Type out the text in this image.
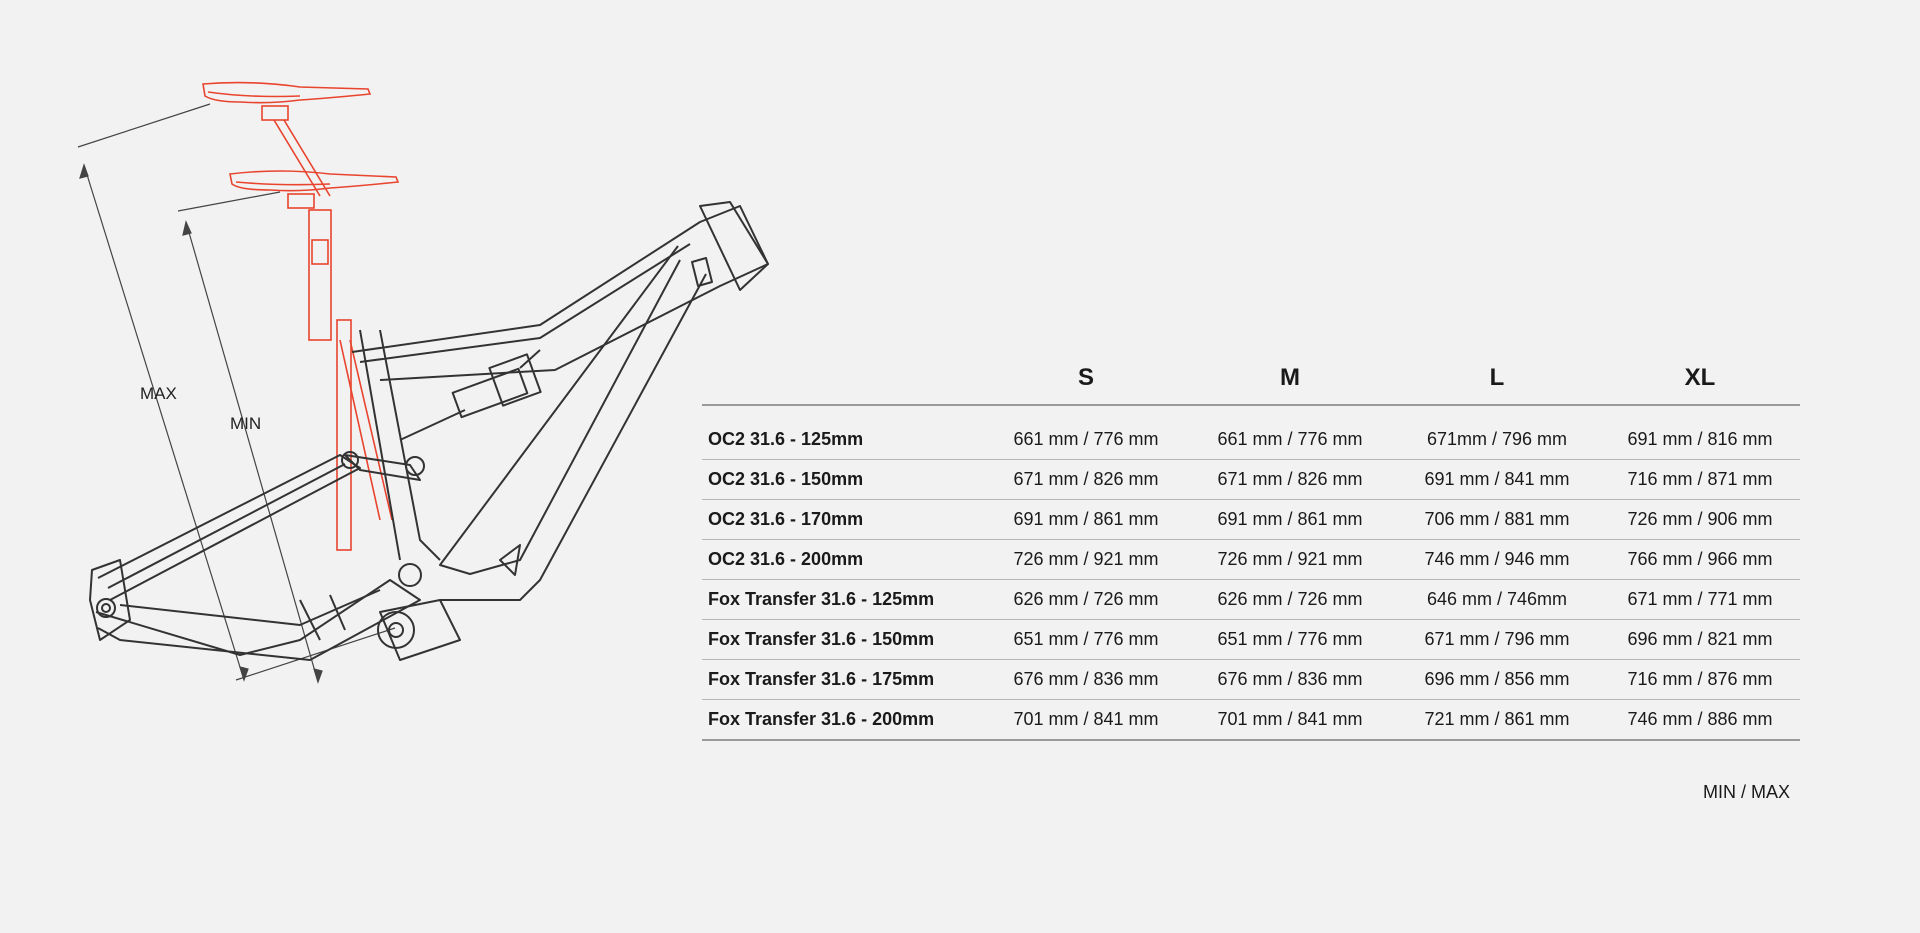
MAX
MIN
	S	M	L	XL
OC2 31.6 - 125mm	661 mm / 776 mm	661 mm / 776 mm	671mm / 796 mm	691 mm / 816 mm
OC2 31.6 - 150mm	671 mm / 826 mm	671 mm / 826 mm	691 mm / 841 mm	716 mm / 871 mm
OC2 31.6 - 170mm	691 mm / 861 mm	691 mm / 861 mm	706 mm / 881 mm	726 mm / 906 mm
OC2 31.6 - 200mm	726 mm / 921 mm	726 mm / 921 mm	746 mm / 946 mm	766 mm / 966 mm
Fox Transfer 31.6 - 125mm	626 mm / 726 mm	626 mm / 726 mm	646 mm / 746mm	671 mm / 771 mm
Fox Transfer 31.6 - 150mm	651 mm / 776 mm	651 mm / 776 mm	671 mm / 796 mm	696 mm / 821 mm
Fox Transfer 31.6 - 175mm	676 mm / 836 mm	676 mm / 836 mm	696 mm / 856 mm	716 mm / 876 mm
Fox Transfer 31.6 - 200mm	701 mm / 841 mm	701 mm / 841 mm	721 mm / 861 mm	746 mm / 886 mm
MIN / MAX
